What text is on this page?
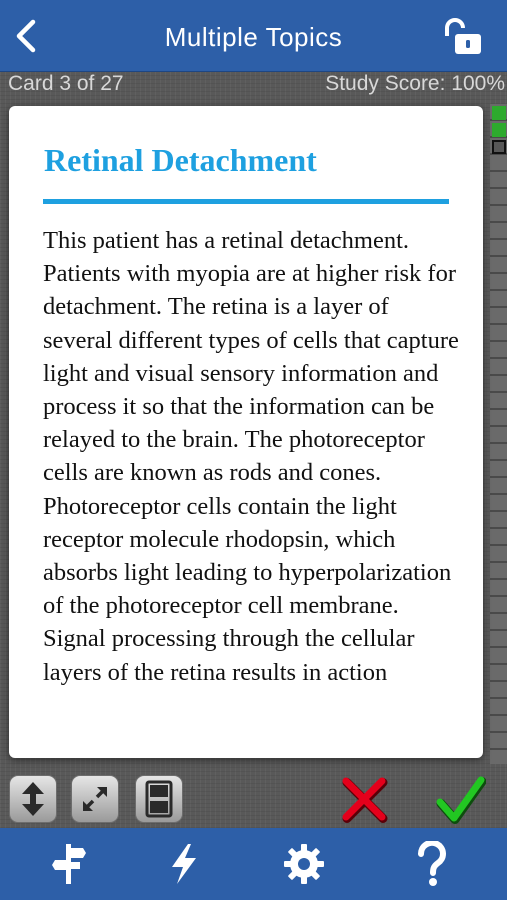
Multiple Topics
Card 3 of 27	Study Score: 100%
Retinal Detachment
This patient has a retinal detachment. Patients with myopia are at higher risk for detachment. The retina is a layer of several different types of cells that capture light and visual sensory information and process it so that the information can be relayed to the brain. The photoreceptor cells are known as rods and cones. Photoreceptor cells contain the light receptor molecule rhodopsin, which absorbs light leading to hyperpolarization of the photoreceptor cell membrane. Signal processing through the cellular layers of the retina results in action
